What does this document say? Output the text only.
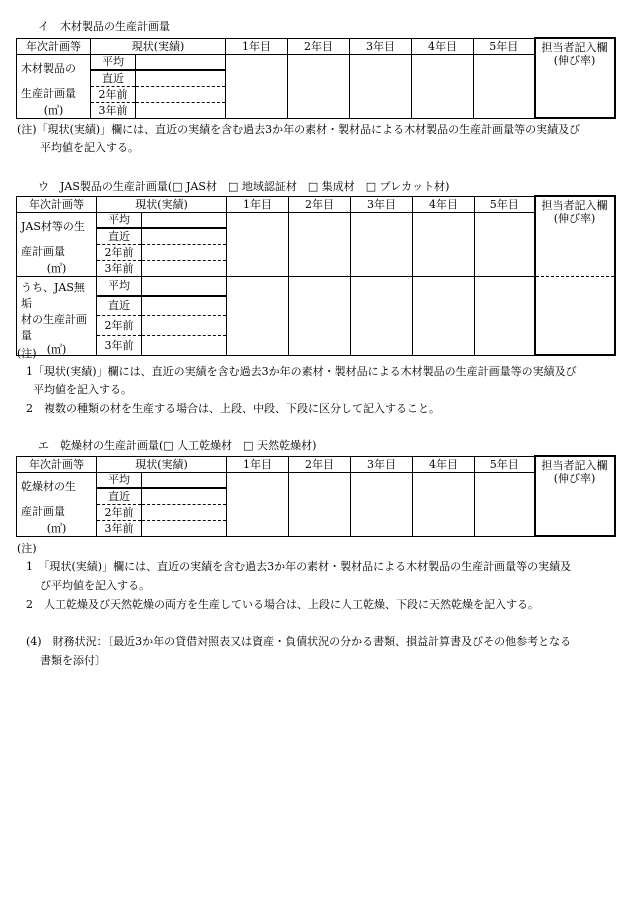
イ　木材製品の生産計画量
年次計画等	現状(実績)		1年目	2年目	3年目	4年目	5年目	担当者記入欄
(伸び率)

木材製品の
生産計画量
(㎥)	平均							
	直近							
	2年前							
	3年前							
(注)「現状(実績)」欄には、直近の実績を含む過去3か年の素材・製材品による木材製品の生産計画量等の実績及び
平均値を記入する。
ウ　JAS製品の生産計画量(□ JAS材　□ 地域認証材　□ 集成材　□ プレカット材)
年次計画等	現状(実績)		1年目	2年目	3年目	4年目	5年目	担当者記入欄
(伸び率)

JAS材等の生
産計画量
(㎥)	平均							
	直近							
	2年前							
	3年前							

うち、JAS無垢
材の生産計画
量
(㎥)	平均							
	直近							
	2年前							
	3年前							
(注)
1「現状(実績)」欄には、直近の実績を含む過去3か年の素材・製材品による木材製品の生産計画量等の実績及び
平均値を記入する。
2　複数の種類の材を生産する場合は、上段、中段、下段に区分して記入すること。
エ　乾燥材の生産計画量(□ 人工乾燥材　□ 天然乾燥材)
年次計画等	現状(実績)		1年目	2年目	3年目	4年目	5年目	担当者記入欄
(伸び率)

乾燥材の生
産計画量
(㎥)	平均							
	直近							
	2年前							
	3年前							
(注)
1　「現状(実績)」欄には、直近の実績を含む過去3か年の素材・製材品による木材製品の生産計画量等の実績及
び平均値を記入する。
2　人工乾燥及び天然乾燥の両方を生産している場合は、上段に人工乾燥、下段に天然乾燥を記入する。
(4)　財務状況：〔最近3か年の貸借対照表又は資産・負債状況の分かる書類、損益計算書及びその他参考となる
書類を添付〕
